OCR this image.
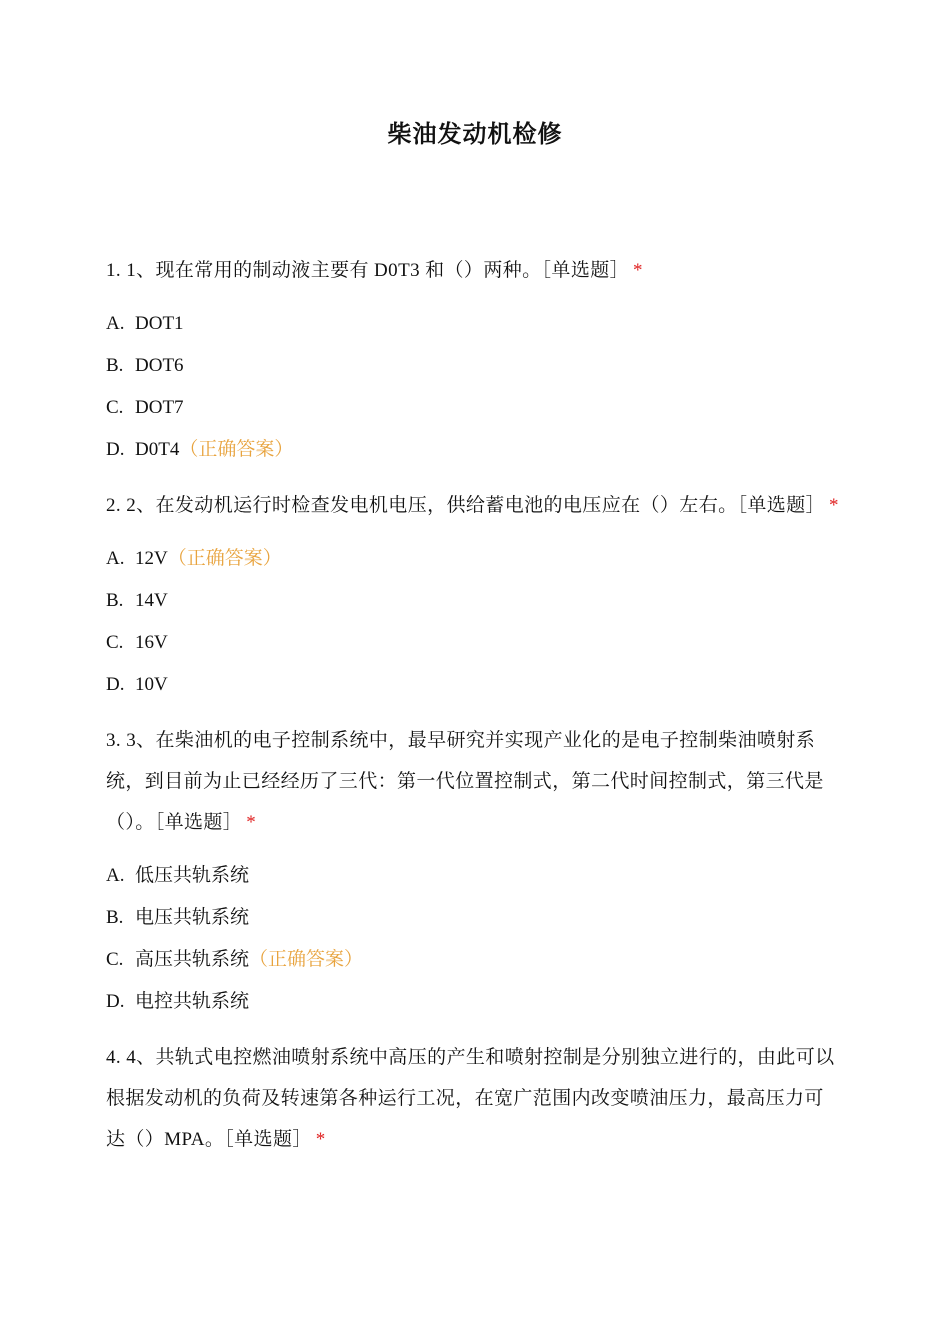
柴油发动机检修
1. 1、现在常用的制动液主要有 D0T3 和（）两种。［单选题］ *
A. DOT1
B. DOT6
C. DOT7
D. D0T4（正确答案）
2. 2、在发动机运行时检查发电机电压，供给蓄电池的电压应在（）左右。［单选题］ *
A. 12V（正确答案）
B. 14V
C. 16V
D. 10V
3. 3、在柴油机的电子控制系统中，最早研究并实现产业化的是电子控制柴油喷射系统，到目前为止已经经历了三代：第一代位置控制式，第二代时间控制式，第三代是（）。［单选题］ *
A. 低压共轨系统
B. 电压共轨系统
C. 高压共轨系统（正确答案）
D. 电控共轨系统
4. 4、共轨式电控燃油喷射系统中高压的产生和喷射控制是分别独立进行的，由此可以根据发动机的负荷及转速第各种运行工况，在宽广范围内改变喷油压力，最高压力可达（）MPA。［单选题］ *
